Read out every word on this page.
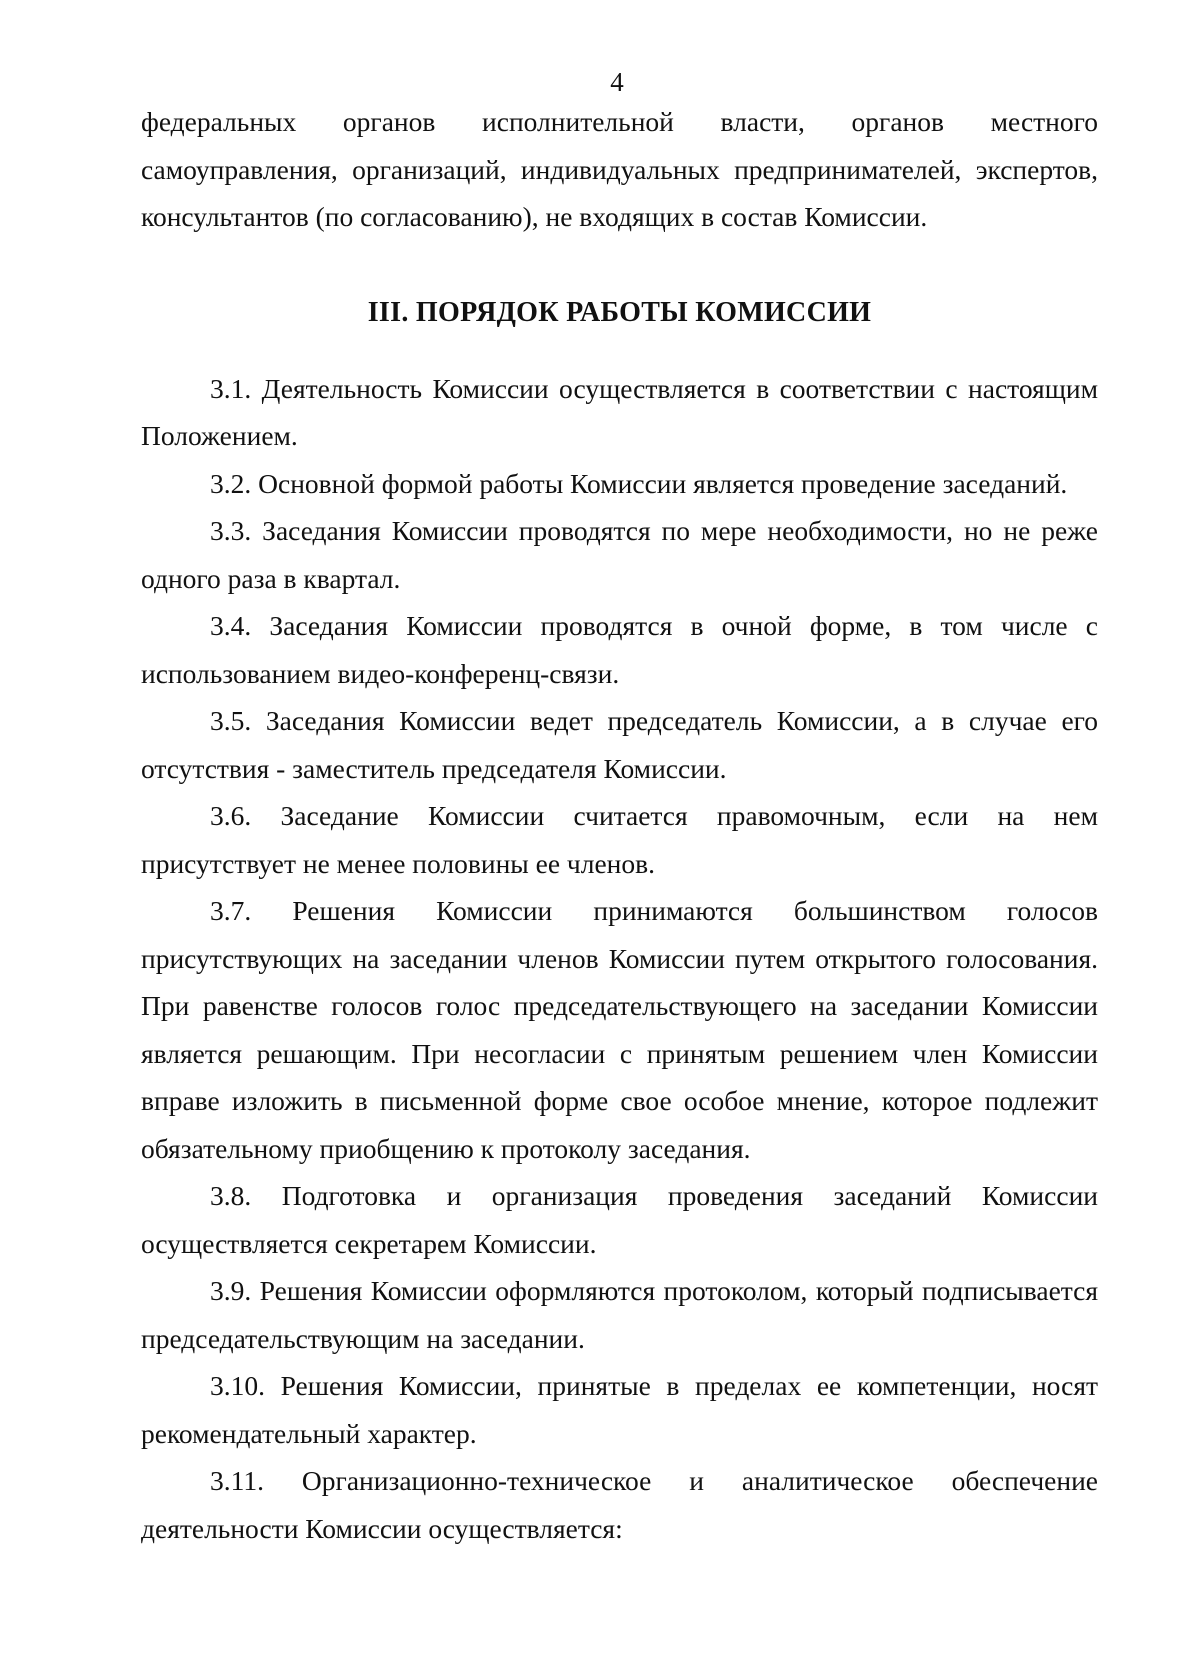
4

федеральных органов исполнительной власти, органов местного самоуправления, организаций, индивидуальных предпринимателей, экспертов, консультантов (по согласованию), не входящих в состав Комиссии.

III. ПОРЯДОК РАБОТЫ КОМИССИИ

3.1. Деятельность Комиссии осуществляется в соответствии с настоящим Положением.

3.2. Основной формой работы Комиссии является проведение заседаний.

3.3. Заседания Комиссии проводятся по мере необходимости, но не реже одного раза в квартал.

3.4. Заседания Комиссии проводятся в очной форме, в том числе с использованием видео-конференц-связи.

3.5. Заседания Комиссии ведет председатель Комиссии, а в случае его отсутствия - заместитель председателя Комиссии.

3.6. Заседание Комиссии считается правомочным, если на нем присутствует не менее половины ее членов.

3.7. Решения Комиссии принимаются большинством голосов присутствующих на заседании членов Комиссии путем открытого голосования. При равенстве голосов голос председательствующего на заседании Комиссии является решающим. При несогласии с принятым решением член Комиссии вправе изложить в письменной форме свое особое мнение, которое подлежит обязательному приобщению к протоколу заседания.

3.8. Подготовка и организация проведения заседаний Комиссии осуществляется секретарем Комиссии.

3.9. Решения Комиссии оформляются протоколом, который подписывается председательствующим на заседании.

3.10. Решения Комиссии, принятые в пределах ее компетенции, носят рекомендательный характер.

3.11. Организационно-техническое и аналитическое обеспечение деятельности Комиссии осуществляется:
